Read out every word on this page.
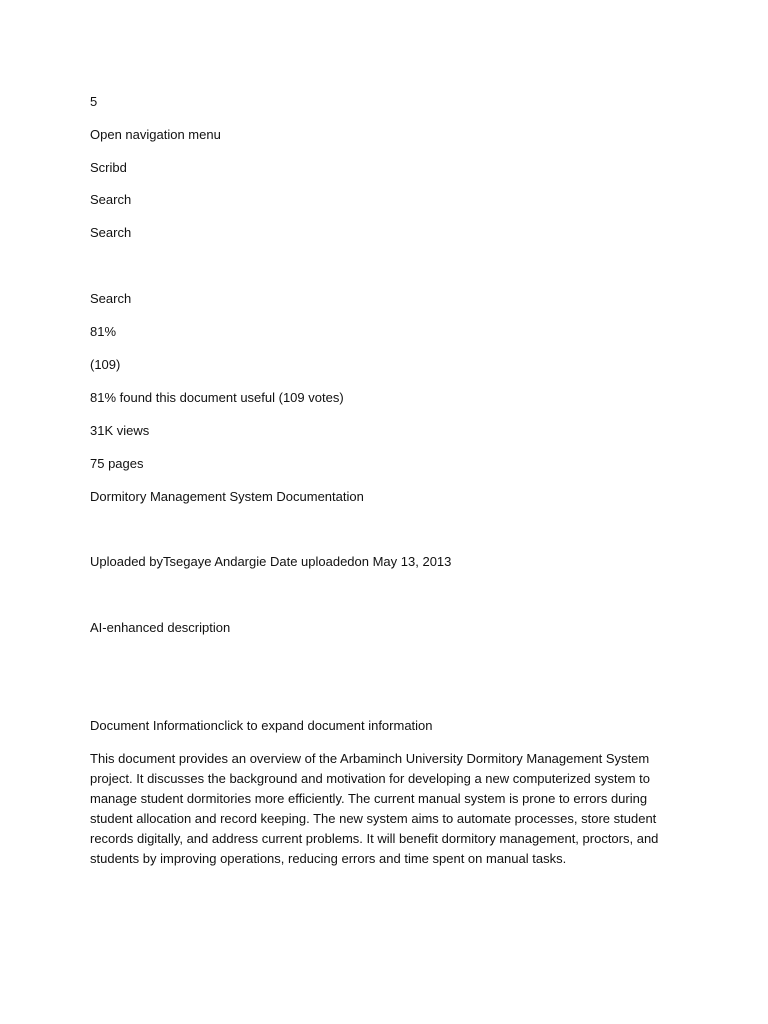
5

Open navigation menu

Scribd

Search

Search

Search

81%

(109)

81% found this document useful (109 votes)

31K views

75 pages

Dormitory Management System Documentation

Uploaded byTsegaye Andargie Date uploadedon May 13, 2013

AI-enhanced description

Document Informationclick to expand document information

This document provides an overview of the Arbaminch University Dormitory Management System project. It discusses the background and motivation for developing a new computerized system to manage student dormitories more efficiently. The current manual system is prone to errors during student allocation and record keeping. The new system aims to automate processes, store student records digitally, and address current problems. It will benefit dormitory management, proctors, and students by improving operations, reducing errors and time spent on manual tasks.
